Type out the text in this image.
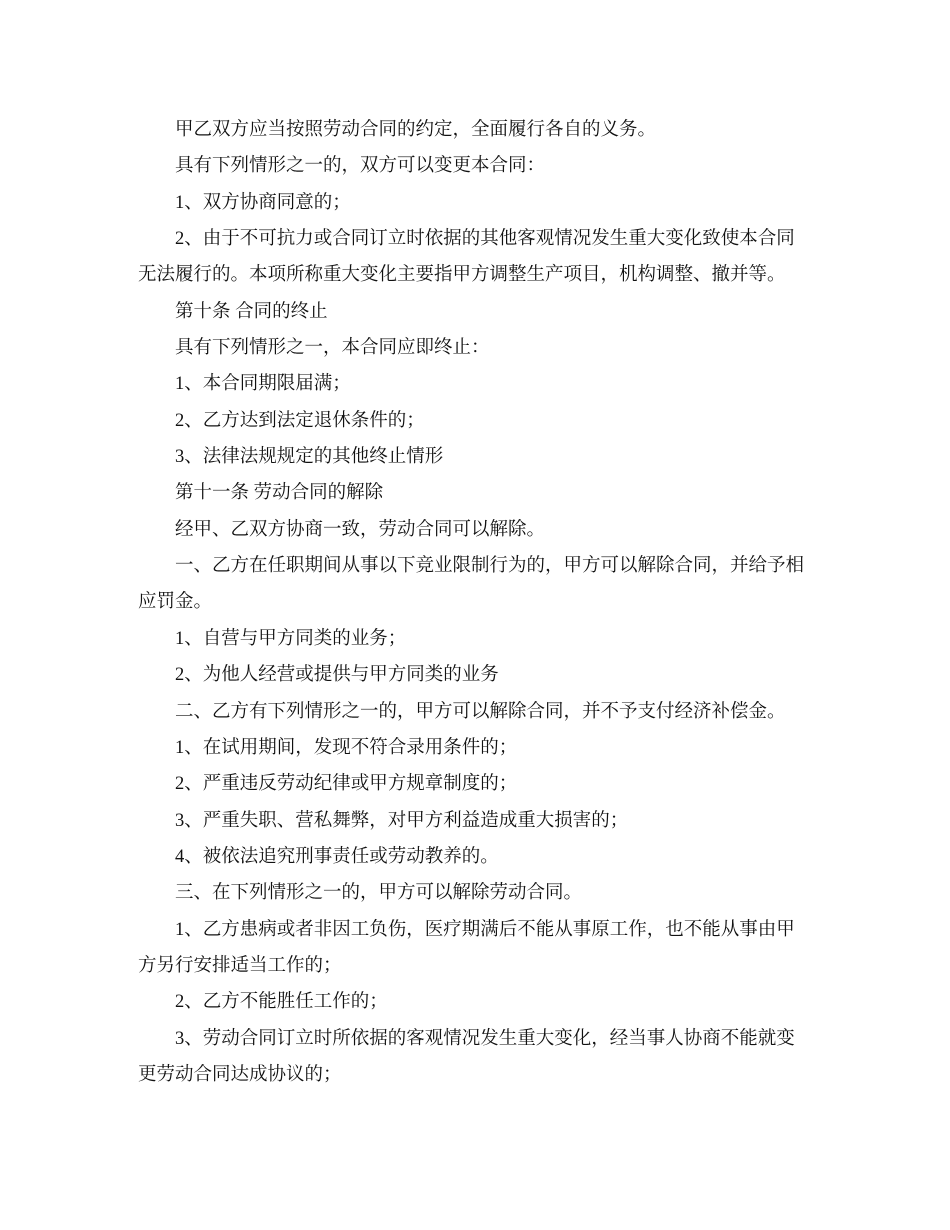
甲乙双方应当按照劳动合同的约定，全面履行各自的义务。

具有下列情形之一的，双方可以变更本合同：

1、双方协商同意的；

2、由于不可抗力或合同订立时依据的其他客观情况发生重大变化致使本合同无法履行的。本项所称重大变化主要指甲方调整生产项目，机构调整、撤并等。

第十条 合同的终止

具有下列情形之一，本合同应即终止：

1、本合同期限届满；

2、乙方达到法定退休条件的；

3、法律法规规定的其他终止情形

第十一条 劳动合同的解除

经甲、乙双方协商一致，劳动合同可以解除。

一、乙方在任职期间从事以下竞业限制行为的，甲方可以解除合同，并给予相应罚金。

1、自营与甲方同类的业务；

2、为他人经营或提供与甲方同类的业务

二、乙方有下列情形之一的，甲方可以解除合同，并不予支付经济补偿金。

1、在试用期间，发现不符合录用条件的；

2、严重违反劳动纪律或甲方规章制度的；

3、严重失职、营私舞弊，对甲方利益造成重大损害的；

4、被依法追究刑事责任或劳动教养的。

三、在下列情形之一的，甲方可以解除劳动合同。

1、乙方患病或者非因工负伤，医疗期满后不能从事原工作，也不能从事由甲方另行安排适当工作的；

2、乙方不能胜任工作的；

3、劳动合同订立时所依据的客观情况发生重大变化，经当事人协商不能就变更劳动合同达成协议的；
